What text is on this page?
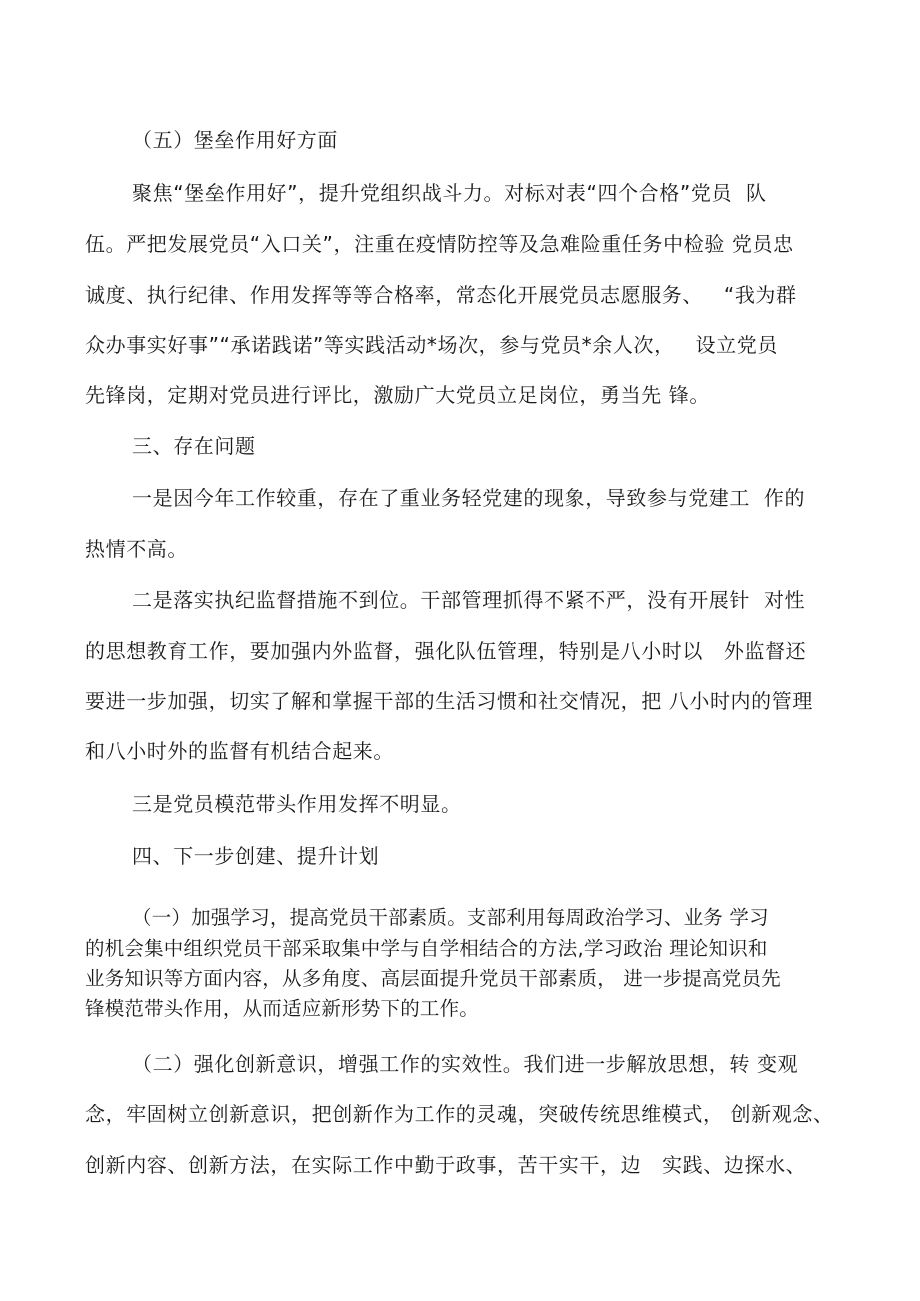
（五）堡垒作用好方面
聚焦“堡垒作用好”，提升党组织战斗力。对标对表“四个合格”党员  队
伍。严把发展党员“入口关”，注重在疫情防控等及急难险重任务中检验 党员忠
诚度、执行纪律、作用发挥等等合格率，常态化开展党员志愿服务、   “我为群
众办事实好事”“承诺践诺”等实践活动*场次，参与党员*余人次，   设立党员
先锋岗，定期对党员进行评比，激励广大党员立足岗位，勇当先 锋。
三、存在问题
一是因今年工作较重，存在了重业务轻党建的现象，导致参与党建工  作的
热情不高。
二是落实执纪监督措施不到位。干部管理抓得不紧不严，没有开展针  对性
的思想教育工作，要加强内外监督，强化队伍管理，特别是八小时以   外监督还
要进一步加强，切实了解和掌握干部的生活习惯和社交情况，把 八小时内的管理
和八小时外的监督有机结合起来。
三是党员模范带头作用发挥不明显。
四、下一步创建、提升计划
（一）加强学习，提高党员干部素质。支部利用每周政治学习、业务 学习
的机会集中组织党员干部采取集中学与自学相结合的方法,学习政治 理论知识和
业务知识等方面内容，从多角度、高层面提升党员干部素质， 进一步提高党员先
锋模范带头作用，从而适应新形势下的工作。
（二）强化创新意识，增强工作的实效性。我们进一步解放思想，转 变观
念，牢固树立创新意识，把创新作为工作的灵魂，突破传统思维模式， 创新观念、
创新内容、创新方法，在实际工作中勤于政事，苦干实干，边   实践、边探水、
